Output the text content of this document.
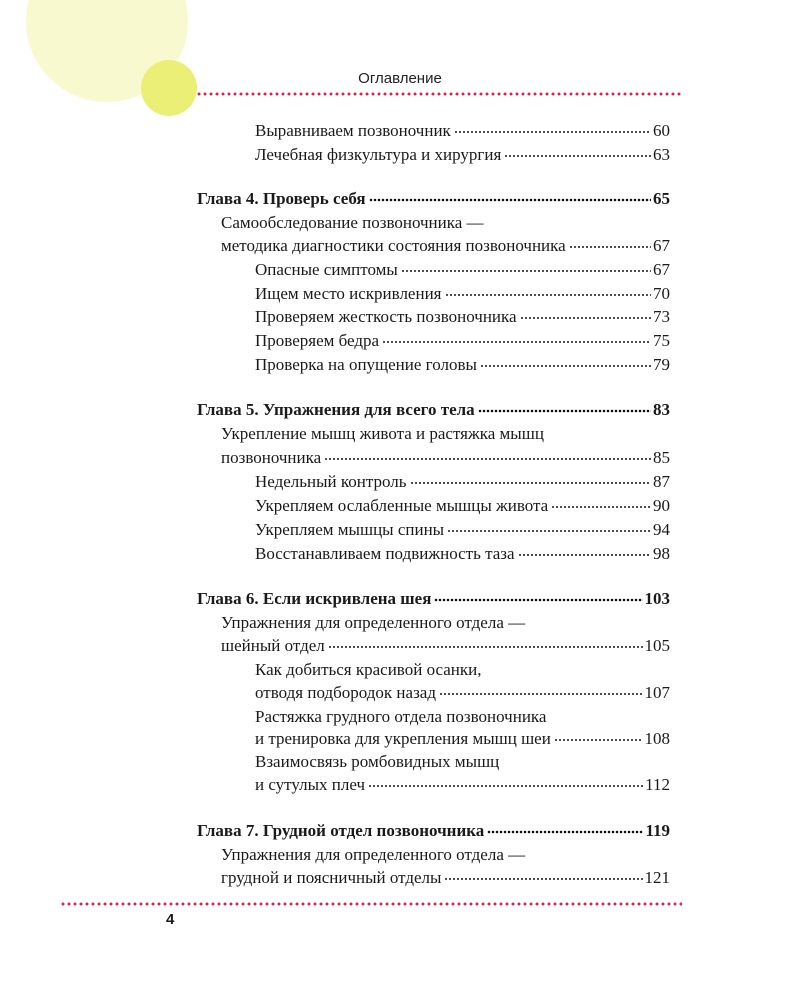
Оглавление
Выравниваем позвоночник	60
Лечебная физкультура и хирургия	63
Глава 4. Проверь себя	65
Самообследование позвоночника —
методика диагностики состояния позвоночника	67
Опасные симптомы	67
Ищем место искривления	70
Проверяем жесткость позвоночника	73
Проверяем бедра	75
Проверка на опущение головы	79
Глава 5. Упражнения для всего тела	83
Укрепление мышц живота и растяжка мышц
позвоночника	85
Недельный контроль	87
Укрепляем ослабленные мышцы живота	90
Укрепляем мышцы спины	94
Восстанавливаем подвижность таза	98
Глава 6. Если искривлена шея	103
Упражнения для определенного отдела —
шейный отдел	105
Как добиться красивой осанки,
отводя подбородок назад	107
Растяжка грудного отдела позвоночника
и тренировка для укрепления мышц шеи	108
Взаимосвязь ромбовидных мышц
и сутулых плеч	112
Глава 7. Грудной отдел позвоночника	119
Упражнения для определенного отдела —
грудной и поясничный отделы	121
4
